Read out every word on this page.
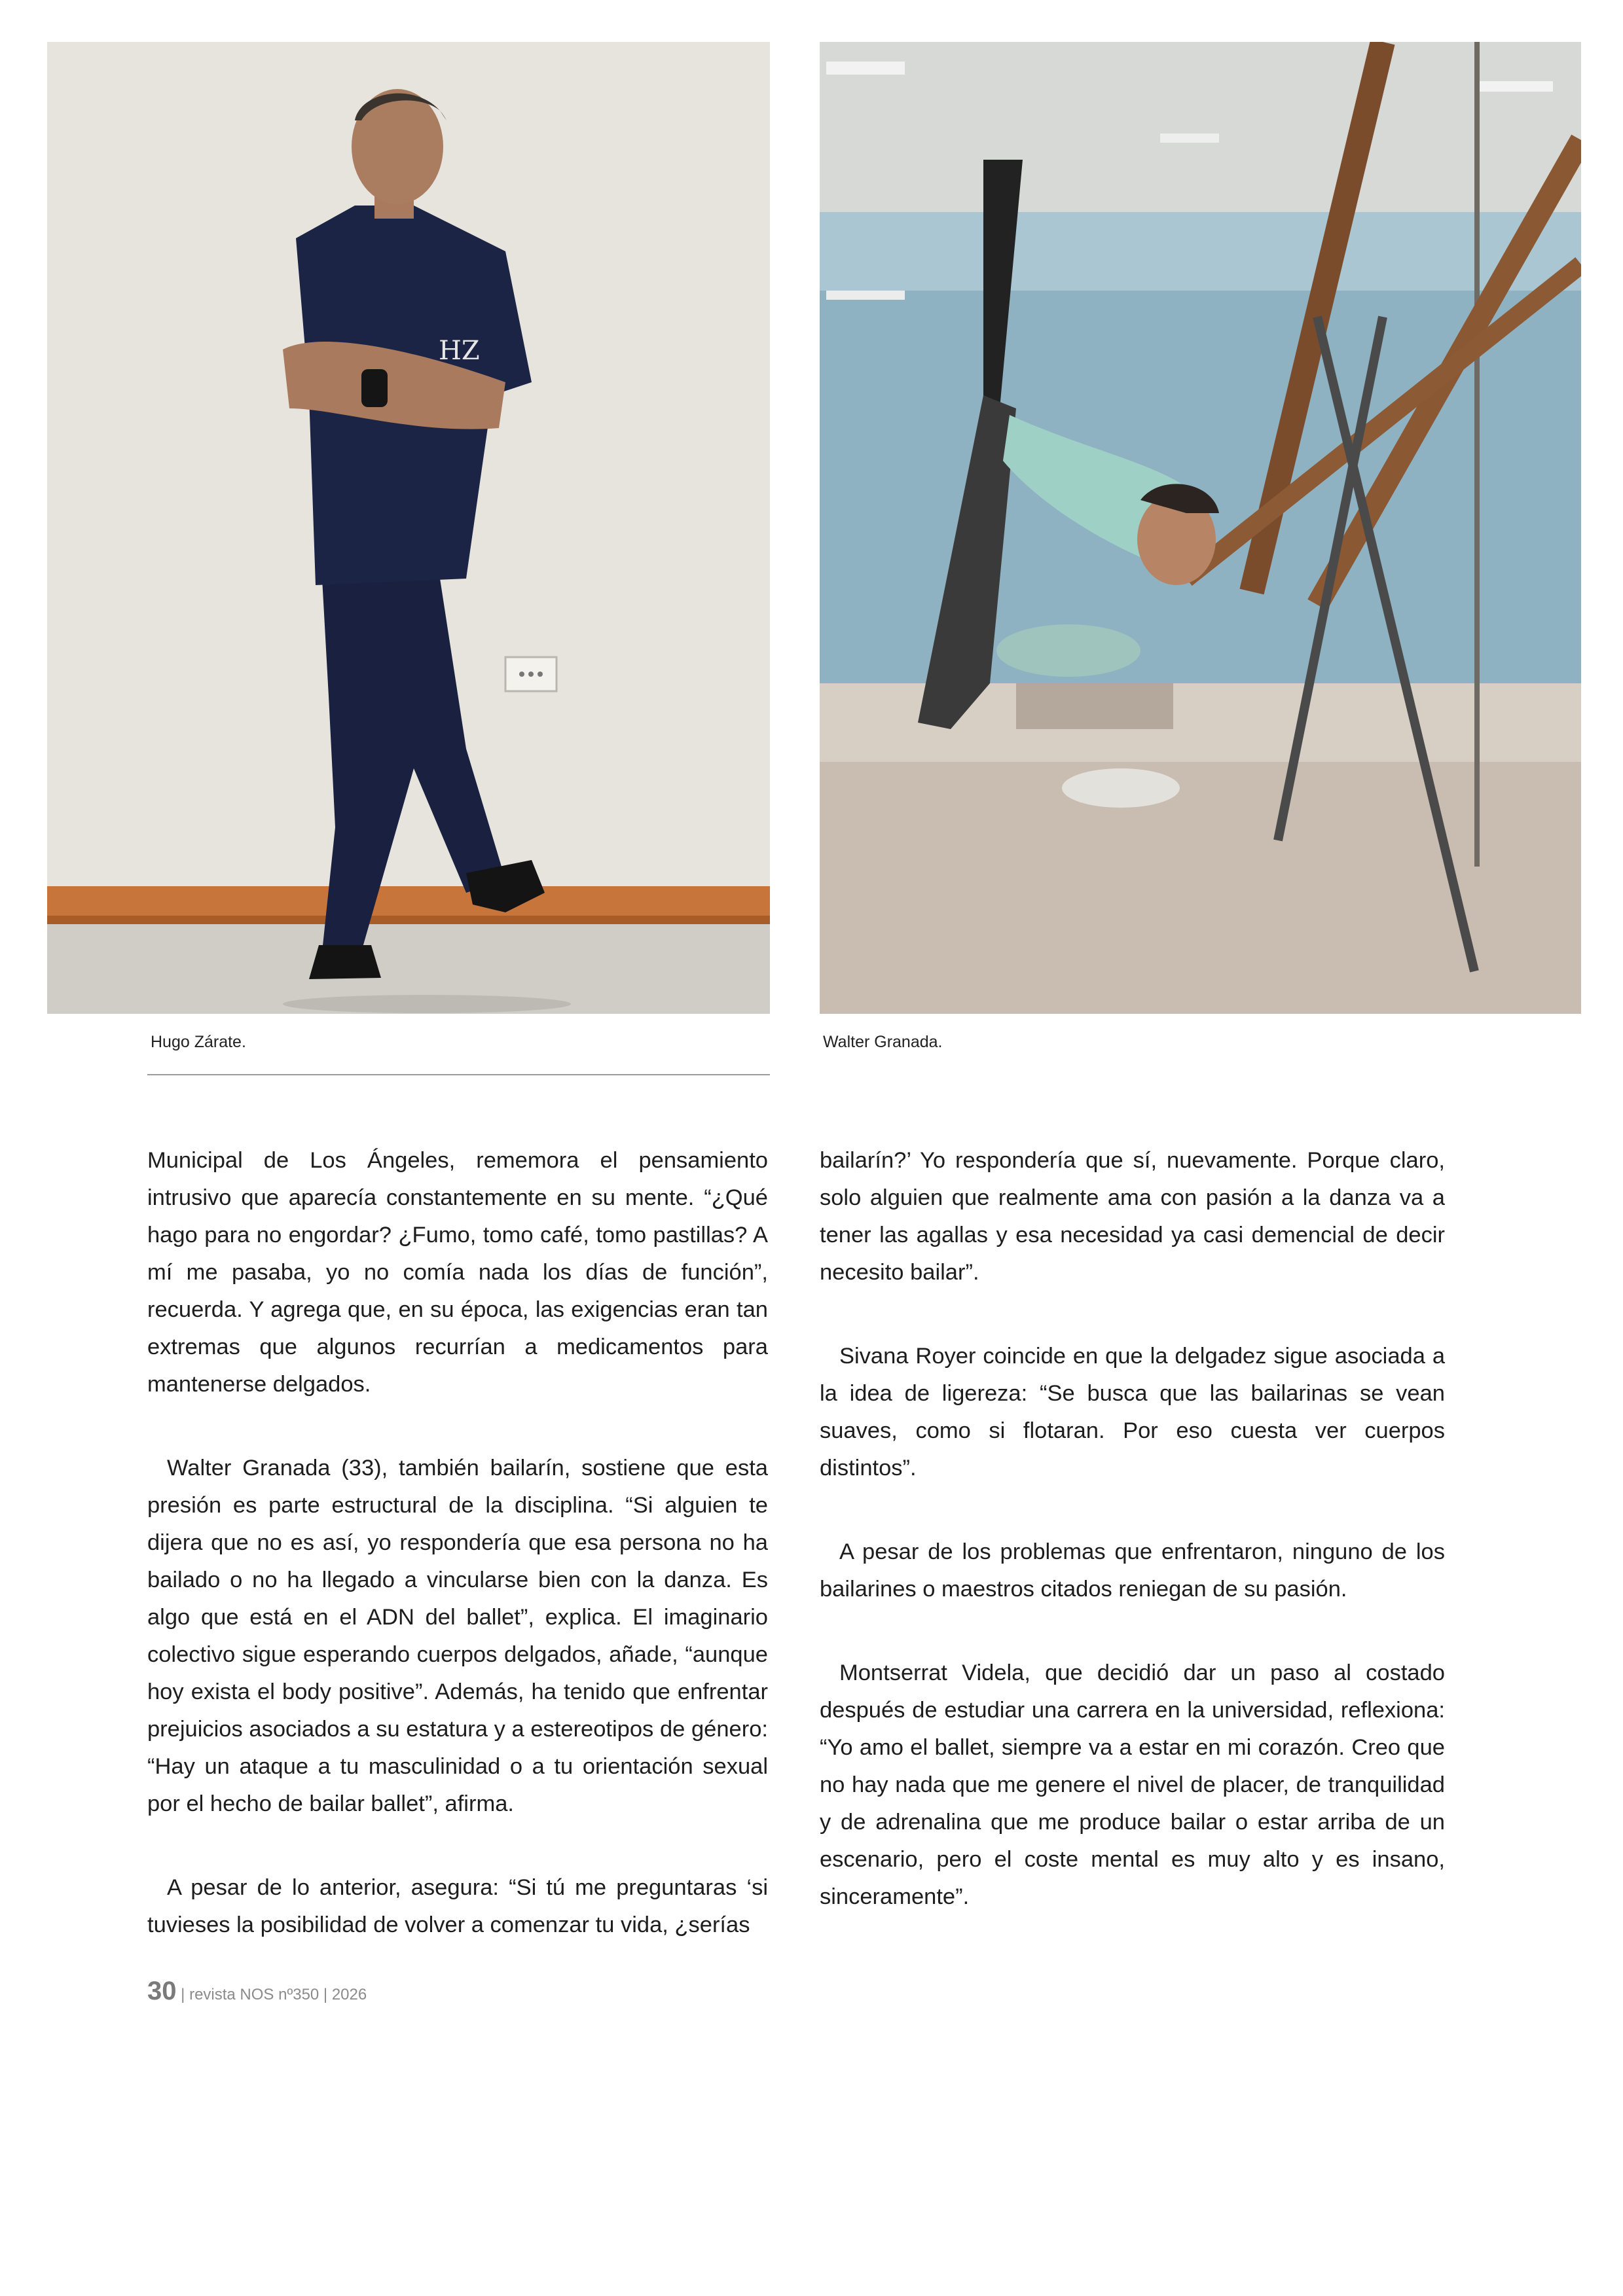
HZ
Hugo Zárate.	Walter Granada.

Municipal de Los Ángeles, rememora el pensamiento intrusivo que aparecía constantemente en su mente. “¿Qué hago para no engordar? ¿Fumo, tomo café, tomo pastillas? A mí me pasaba, yo no comía nada los días de función”, recuerda. Y agrega que, en su época, las exigencias eran tan extremas que algunos recurrían a medicamentos para mantenerse delgados.

Walter Granada (33), también bailarín, sostiene que esta presión es parte estructural de la disciplina. “Si alguien te dijera que no es así, yo respondería que esa persona no ha bailado o no ha llegado a vincularse bien con la danza. Es algo que está en el ADN del ballet”, explica. El imaginario colectivo sigue esperando cuerpos delgados, añade, “aunque hoy exista el body positive”. Además, ha tenido que enfrentar prejuicios asociados a su estatura y a estereotipos de género: “Hay un ataque a tu masculinidad o a tu orientación sexual por el hecho de bailar ballet”, afirma.

A pesar de lo anterior, asegura: “Si tú me preguntaras ‘si tuvieses la posibilidad de volver a comenzar tu vida, ¿serías

bailarín?’ Yo respondería que sí, nuevamente. Porque claro, solo alguien que realmente ama con pasión a la danza va a tener las agallas y esa necesidad ya casi demencial de decir necesito bailar”.

Sivana Royer coincide en que la delgadez sigue asociada a la idea de ligereza: “Se busca que las bailarinas se vean suaves, como si flotaran. Por eso cuesta ver cuerpos distintos”.

A pesar de los problemas que enfrentaron, ninguno de los bailarines o maestros citados reniegan de su pasión.

Montserrat Videla, que decidió dar un paso al costado después de estudiar una carrera en la universidad, reflexiona: “Yo amo el ballet, siempre va a estar en mi corazón. Creo que no hay nada que me genere el nivel de placer, de tranquilidad y de adrenalina que me produce bailar o estar arriba de un escenario, pero el coste mental es muy alto y es insano, sinceramente”.

30 | revista NOS nº350 | 2026
